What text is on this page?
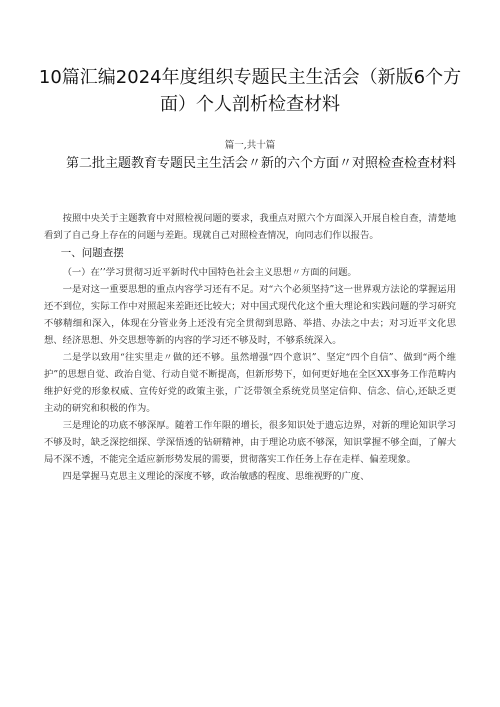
10篇汇编2024年度组织专题民主生活会（新版6个方面）个人剖析检查材料
篇一,共十篇
第二批主题教育专题民主生活会〃新的六个方面〃对照检查检查材料

按照中央关于主题教育中对照检视问题的要求，我重点对照六个方面深入开展自检自查，清楚地看到了自己身上存在的问题与差距。现就自己对照检查情况，向同志们作以报告。

一、问题查摆

（一）在’’学习贯彻习近平新时代中国特色社会主义思想〃方面的问题。

一是对这一重要思想的重点内容学习还有不足。对“六个必须坚持”这一世界观方法论的掌握运用还不到位，实际工作中对照起来差距还比较大；对中国式现代化这个重大理论和实践问题的学习研究不够精细和深入，体现在分管业务上还没有完全贯彻到思路、举措、办法之中去；对习近平文化思想、经济思想、外交思想等新的内容的学习还不够及时，不够系统深入。

二是学以致用“往实里走〃做的还不够。虽然增强“四个意识”、坚定“四个自信”、做到“两个维护”的思想自觉、政治自觉、行动自觉不断提高，但新形势下，如何更好地在全区XX事务工作范畴内维护好党的形象权威、宣传好党的政策主张，广泛带领全系统党员坚定信仰、信念、信心,还缺乏更主动的研究和积极的作为。

三是理论的功底不够深厚。随着工作年限的增长，很多知识处于遗忘边界，对新的理论知识学习不够及时，缺乏深挖细探、学深悟透的钻研精神，由于理论功底不够深，知识掌握不够全面，了解大局不深不透，不能完全适应新形势发展的需要，贯彻落实工作任务上存在走样、偏差现象。

四是掌握马克思主义理论的深度不够，政治敏感的程度、思维视野的广度、
